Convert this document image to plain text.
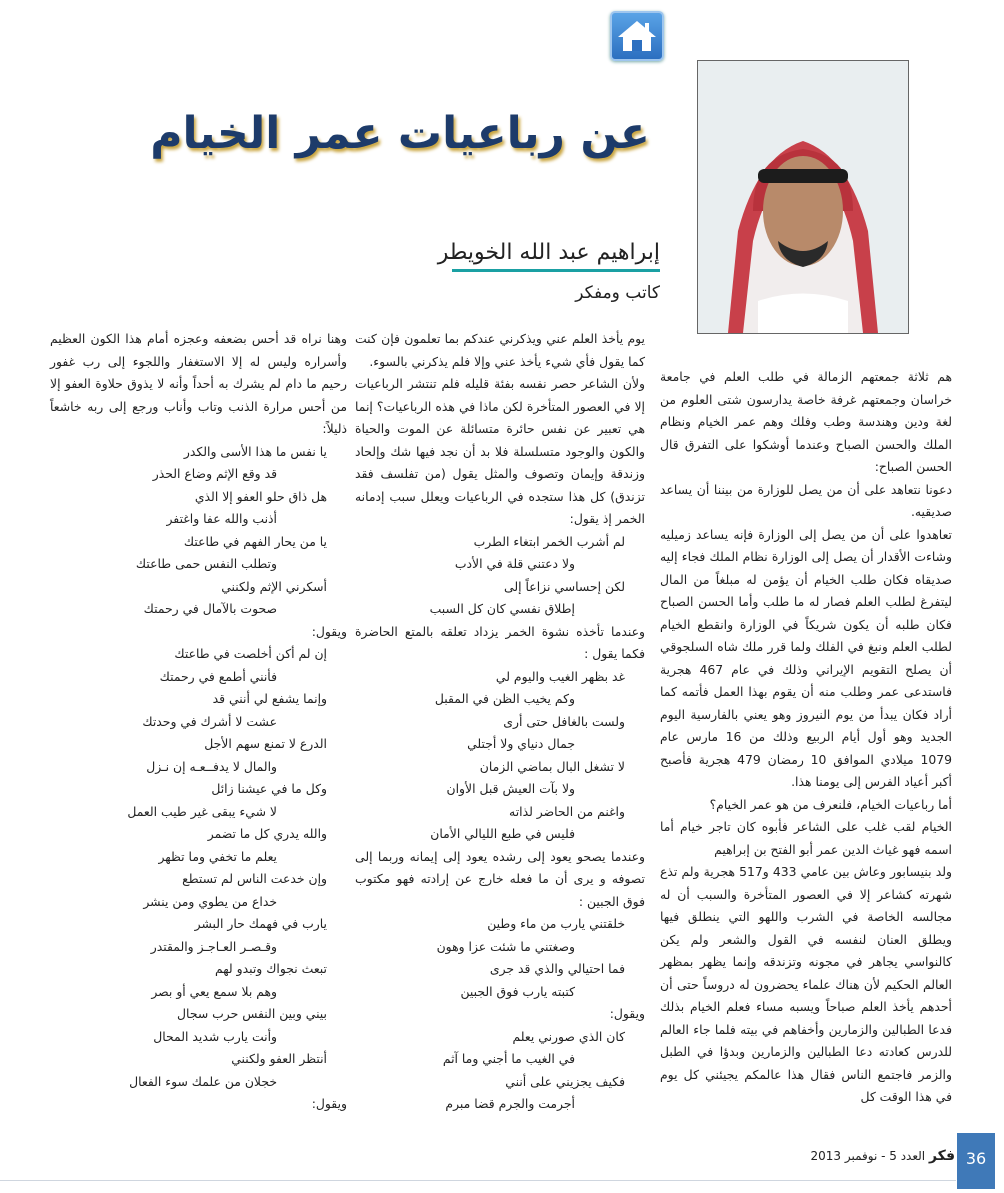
عن رباعيات عمر الخيام
إبراهيم عبد الله الخويطر
كاتب ومفكر

هم ثلاثة جمعتهم الزمالة في طلب العلم في جامعة خراسان وجمعتهم غرفة خاصة يدارسون شتى العلوم من لغة ودين وهندسة وطب وفلك وهم عمر الخيام ونظام الملك والحسن الصباح وعندما أوشكوا على التفرق قال الحسن الصباح:

دعونا نتعاهد على أن من يصل للوزارة من بيننا أن يساعد صديقيه.

تعاهدوا على أن من يصل إلى الوزارة فإنه يساعد زميليه وشاءت الأقدار أن يصل إلى الوزارة نظام الملك فجاء إليه صديقاه فكان طلب الخيام أن يؤمن له مبلغاً من المال ليتفرغ لطلب العلم فصار له ما طلب وأما الحسن الصباح فكان طلبه أن يكون شريكاً في الوزارة وانقطع الخيام لطلب العلم ونبغ في الفلك ولما قرر ملك شاه السلجوقي أن يصلح التقويم الإيراني وذلك في عام 467 هجرية فاستدعى عمر وطلب منه أن يقوم بهذا العمل فأتمه كما أراد فكان يبدأ من يوم النيروز وهو يعني بالفارسية اليوم الجديد وهو أول أيام الربيع وذلك من 16 مارس عام 1079 ميلادي الموافق 10 رمضان 479 هجرية فأصبح أكبر أعياد الفرس إلى يومنا هذا.

أما رباعيات الخيام، فلنعرف من هو عمر الخيام؟

الخيام لقب غلب على الشاعر فأبوه كان تاجر خيام أما اسمه فهو غياث الدين عمر أبو الفتح بن إبراهيم

ولد بنيسابور وعاش بين عامي 433 و517 هجرية ولم تذع شهرته كشاعر إلا في العصور المتأخرة والسبب أن له مجالسه الخاصة في الشرب واللهو التي ينطلق فيها ويطلق العنان لنفسه في القول والشعر ولم يكن كالنواسي يجاهر في مجونه وتزندقه وإنما يظهر بمظهر العالم الحكيم لأن هناك علماء يحضرون له دروساً حتى أن أحدهم يأخذ العلم صباحاً ويسبه مساء فعلم الخيام بذلك فدعا الطبالين والزمارين وأخفاهم في بيته فلما جاء العالم للدرس كعادته دعا الطبالين والزمارين وبدؤا في الطبل والزمر فاجتمع الناس فقال هذا عالمكم يجيئني كل يوم في هذا الوقت كل

يوم يأخذ العلم عني ويذكرني عندكم بما تعلمون فإن كنت كما يقول فأي شيء يأخذ عني وإلا فلم يذكرني بالسوء.

ولأن الشاعر حصر نفسه بفئة قليله فلم تنتشر الرباعيات إلا في العصور المتأخرة لكن ماذا في هذه الرباعيات؟ إنما هي تعبير عن نفس حائرة متسائلة عن الموت والحياة والكون والوجود متسلسلة فلا بد أن نجد فيها شك وإلحاد وزندقة وإيمان وتصوف والمثل يقول (من تفلسف فقد تزندق) كل هذا ستجده في الرباعيات ويعلل سبب إدمانه الخمر إذ يقول:

لم أشرب الخمر ابتغاء الطرب

ولا دعتني قلة في الأدب

لكن إحساسي نزاعاً إلى

إطلاق نفسي كان كل السبب

وعندما تأخذه نشوة الخمر يزداد تعلقه بالمتع الحاضرة فكما يقول :

غد بظهر الغيب واليوم لي

وكم يخيب الظن في المقبل

ولست بالغافل حتى أرى

جمال دنياي ولا أجتلي

لا تشغل البال بماضي الزمان

ولا بآت العيش قبل الأوان

واغنم من الحاضر لذاته

فليس في طبع الليالي الأمان

وعندما يصحو يعود إلى رشده يعود إلى إيمانه وربما إلى تصوفه و يرى أن ما فعله خارج عن إرادته فهو مكتوب فوق الجبين :

خلقتني يارب من ماء وطين

وصغتني ما شئت عزا وهون

فما احتيالي والذي قد جرى

كتبته يارب فوق الجبين

ويقول:

كان الذي صورني يعلم

في الغيب ما أجني وما آثم

فكيف يجزيني على أنني

أجرمت والجرم قضا مبرم

وهنا نراه قد أحس بضعفه وعجزه أمام هذا الكون العظيم وأسراره وليس له إلا الاستغفار واللجوء إلى رب غفور رحيم ما دام لم يشرك به أحداً وأنه لا يذوق حلاوة العفو إلا من أحس مرارة الذنب وتاب وأناب ورجع إلى ربه خاشعاً ذليلاً:

يا نفس ما هذا الأسى والكدر

قد وقع الإثم وضاع الحذر

هل ذاق حلو العفو إلا الذي

أذنب والله عفا واغتفر

يا من يحار الفهم في طاعتك

وتطلب النفس حمى طاعتك

أسكرني الإثم ولكنني

صحوت بالآمال في رحمتك

ويقول:

إن لم أكن أخلصت في طاعتك

فأنني أطمع في رحمتك

وإنما يشفع لي أنني قد

عشت لا أشرك في وحدتك

الدرع لا تمنع سهم الأجل

والمال لا يدفــعـه إن نـزل

وكل ما في عيشنا زائل

لا شيء يبقى غير طيب العمل

والله يدري كل ما تضمر

يعلم ما تخفي وما تظهر

وإن خدعت الناس لم تستطع

خداع من يطوي ومن ينشر

يارب في فهمك حار البشر

وقـصـر العـاجـز والمقتدر

تبعث نجواك وتبدو لهم

وهم بلا سمع يعي أو بصر

بيني وبين النفس حرب سجال

وأنت يارب شديد المحال

أنتظر العفو ولكنني

خجلان من علمك سوء الفعال

ويقول:

فكر العدد 5 - نوفمبر 2013	36
